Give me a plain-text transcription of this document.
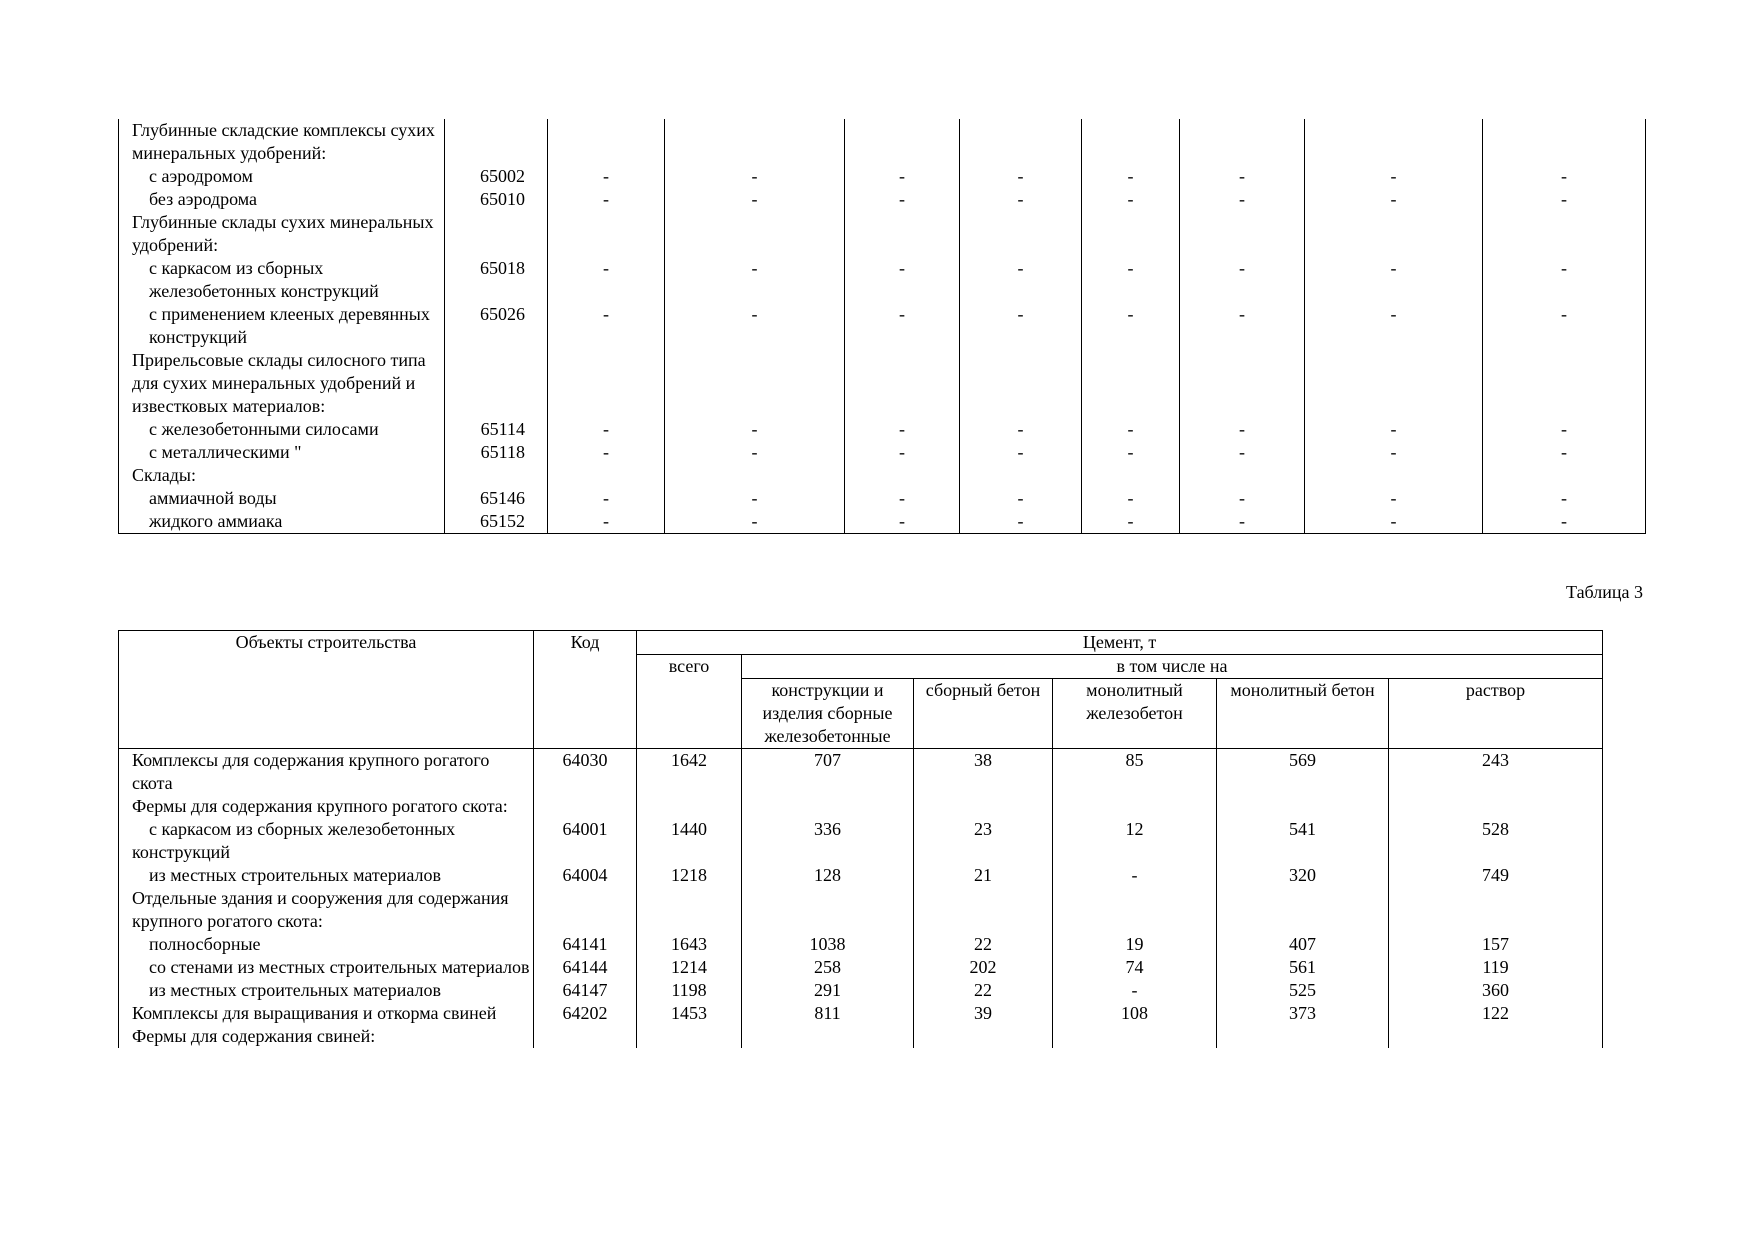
Глубинные складские комплексы сухих минеральных удобрений:									
с аэродромом	65002	-	-	-	-	-	-	-	-
без аэродрома	65010	-	-	-	-	-	-	-	-
Глубинные склады сухих минеральных удобрений:									
с каркасом из сборных железобетонных конструкций	65018	-	-	-	-	-	-	-	-
с применением клееных деревянных конструкций	65026	-	-	-	-	-	-	-	-
Прирельсовые склады силосного типа для сухих минеральных удобрений и известковых материалов:									
с железобетонными силосами	65114	-	-	-	-	-	-	-	-
с металлическими "	65118	-	-	-	-	-	-	-	-
Склады:									
аммиачной воды	65146	-	-	-	-	-	-	-	-
жидкого аммиака	65152	-	-	-	-	-	-	-	-
Таблица 3
Объекты строительства	Код	Цемент, т					
		всего	в том числе на				
			конструкции и изделия сборные железобетонные	сборный бетон	монолитный железобетон	монолитный бетон	раствор
Комплексы для содержания крупного рогатого скота	64030	1642	707	38	85	569	243
Фермы для содержания крупного рогатого скота:							
с каркасом из сборных железобетонных конструкций	64001	1440	336	23	12	541	528
из местных строительных материалов	64004	1218	128	21	-	320	749
Отдельные здания и сооружения для содержания крупного рогатого скота:							
полносборные	64141	1643	1038	22	19	407	157
со стенами из местных строительных материалов	64144	1214	258	202	74	561	119
из местных строительных материалов	64147	1198	291	22	-	525	360
Комплексы для выращивания и откорма свиней	64202	1453	811	39	108	373	122
Фермы для содержания свиней:							
